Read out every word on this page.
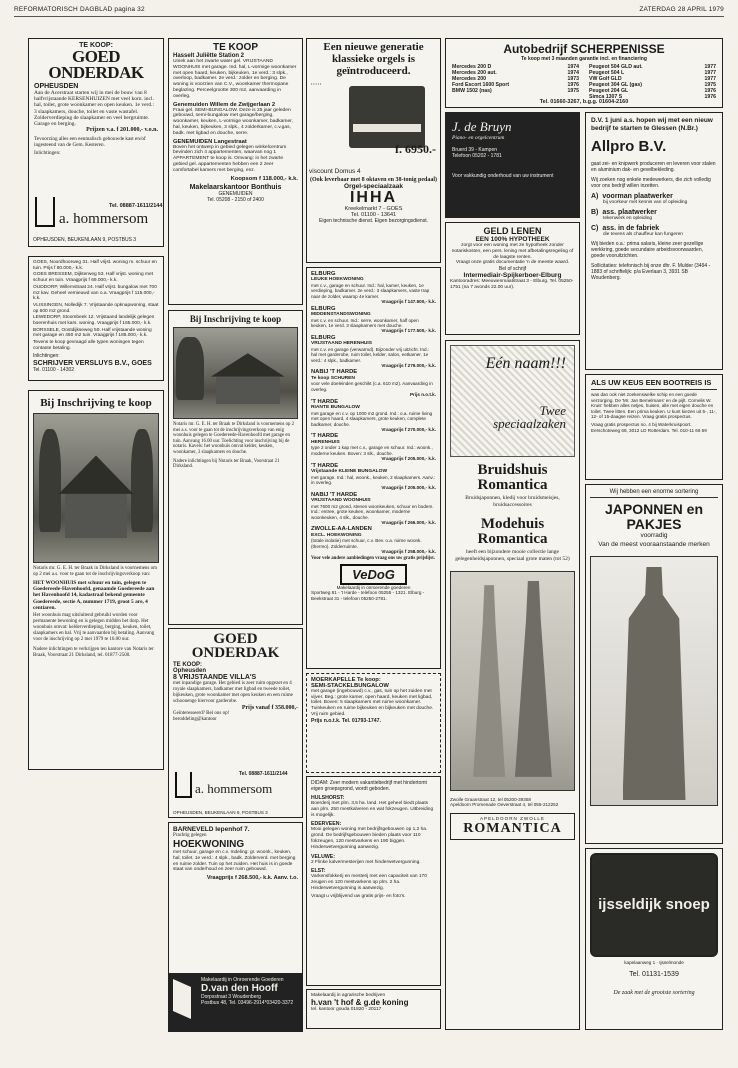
REFORMATORISCH DAGBLAD pagina 32	ZATERDAG 28 APRIL 1979
TE KOOP:
GOED ONDERDAK
OPHEUSDEN
Aan de Acerstraat starten wij in mei de bouw van 8 halfvrijstaande KERSENHUIZEN met veel korn. incl. hal, toilet, grote woonkamer en open keuken. 1e verd.: 3 slaapkamers, douche, toilet en vaste wastafel. Zolderverdieping de slaapkamer en veel bergruimte. Garage en berging.
Prijzen v.a. f 201.000,- v.o.n.
Tevoorzing alles een eenmalisch gebouwde kast en/of ingesteend van de Gem. Kesteren.
Inlichtingen:
Tel. 08887-1611/2144
a. hommersom
OPHEUSDEN, BEUKENLAAN 9, POSTBUS 3
GOES, Noordhoorweg 31. Half vrijst. woning m. schuur en tuin. Prijs f 80.000,- k.k.
GOES BRESSEM, Dijkterweg 53. Half vrijst. woning met schuur en tuin. Vraagprijs f 69.000,- k.k.
OUDDORP, Willemstraat 24. Half vrijst. bungalow met 700 m2 kav. Geheel vernieuwd van o.a. Vraagprijs f 115.000,- k.k.
VLISSINGEN, Nolledijk 7. Vrijstaande opknapwoning, staat op 600 m2 grond.
LEWEDORP, Stoombeek 12. Vrijstaand landelijk gelegen boerenhuis met kars. woning. Vraagprijs f 165.000,- k.k.
BORSSELE, Oostdijkseweg 50. Half vrijstaande woning met garage en 450 m2 tuin. Vraagprijs f 185.000,- k.k.
Tevens te koop gevraagd alle typen woningen tegen contante betaling.
Inlichtingen:
SCHRIJVER VERSLUYS B.V., GOES
Tel. 01100 - 14302
Bij Inschrijving te koop
Notaris mr. G. E. H. ter Braak in Dirksland is voornemens om op 2 mei a.s. voor te gaan tot de inschrijvingsverkoop van:
HET WOONHUIS met schuur en tuin, gelegen te Goedereede-Havenhoofd, genaamde Goedereede aan het Havenhoofd 14, kadastraal bekend gemeente Goedereede, sectie A, nummer 1719, groot 5 are, 4 centiaren.
Het woonhuis mag uitsluitend gebruikt worden voor permanente bewoning en is gelegen midden het dorp. Het woonhuis omvat: kelderverdieping, berging, keuken, toilet, slaapkamers en hal. Vrij te aanvaarden bij betaling. Aanvang voor de inschrijving op 2 mei 1979 te 16.00 uur.
Nadere inlichtingen te verkrijgen ten kantore van Notaris ter Braak, Voorstraat 21 Dirksland, tel. 01877-2500.
TE KOOP
Hasselt Juliëtte Station 2
Uniek aan het zwarte water gel. VRIJSTAAND WOONHUIS met garage. Ind. hal, L-vormige woonkamer met open haard, keuken, bijkeuken, 1e verd.: 3 slpk., overloop, badkamer. 2e verd.: zolder en berging. De woning is voorzien van C.V., woonkamer thermopane beglazing. Perceelgrootte 300 m2, aanvaarding in overleg.
Genemuiden Willem de Zwijgerlaan 2
Fraai gel. SEMI-BUNGALOW. Deze is 25 jaar geleden gebouwd, semi-bungalow met garage/berging, woonkamer, keuken, L-vormige woonkamer, badkamer, hal, keuken, bijkeuken, 3 slpk., 4 zolderkamer, c.v.gas, badk. met ligbad en douche, serre.
GENEMUIDEN Langestraat
Boven het ontwerp in gebied gelegen winkelcentrum bevinden zich 4 appartementen, waarvan nog 1 APPARTEMENT te koop is. Omvang: in het zwarte gebied gel. appartementen hebben een 2 zeer comfortabel kamers met berging, enz.
Koopsom f 118.000,- k.k.
Makelaarskantoor Bonthuis
GENEMUIDEN
Tel. 05208 - 2150 of 2400
Bij Inschrijving te koop
Notaris mr. G. E. H. ter Braak te Dirksland is voornemens op 2 mei a.s. voor te gaan tot de inschrijvingsverkoop van enig woonhuis gelegen te Goedereede-Havenhoofd met garage en tuin. Aanvang 16.00 uur. Toelichting voor inschrijving bij de notaris. Kavels: het woonhuis omvat kelder, keuken, woonkamer, 3 slaapkamers en douche.
Nadere inlichtingen bij Notaris ter Braak, Voorstraat 21 Dirksland.
GOED ONDERDAK
TE KOOP:
Opheusden
8 VRIJSTAANDE VILLA'S
met inpandige garage. Het gebied is zeer ruim opgezet en 4 royale slaapkamers, badkamer met ligbad en tweede toilet, bijkeuken, grote woonkamer met open keuken en een ruime schoonenge hiervoor garderobe.
Prijs vanaf f 358.000,-
Geïnteresseerd? Bel ons op!
beroddeling@kantoor
Tel. 08887-1611/2144
a. hommersom
OPHEUSDEN, BEUKENLAAN 9, POSTBUS 3
BARNEVELD Iepenhof 7.
Prachtig gelegen
HOEKWONING
met schuur, garage en c.v. Indeling: gr. woonk., keuken, hal, toilet. 1e verd.: 4 slpk., badk. Zolderverd. met berging en ruime zolder. Tuin op het zuiden. Het huis is in goede staat van onderhoud en zeer ruim gebouwd.
Vraagprijs f 268.500,- k.k. Aanv. t.o.
Makelaardij in Onroerende Goederen
D.van den Hooff
Dorpsstraat 3 Woudenberg
Postbus 48, Tel. 03496-2914*03420-3372
Een nieuwe generatie klassieke orgels is geïntroduceerd.
• • • • •
f. 6950.-
viscount Domus 4
(Ook leverbaar met 8 oktaven en 38-tonig pedaal)
Orgel-speciaalzaak
IHHA
Kreekelmarkt 7 - GOES
Tel. 01100 - 13641
Eigen technische dienst. Eigen bezorgingsdienst.
ELBURG
LEUKE HOEKWONING
met c.v., garage en schuur. Ind.: hal, kamer, keuken, 1e verdieping, badkamer. 2e verd.: 3 slaapkamers, vaste trap naar de zolder, waarop 4e kamer.
Vraagprijs f 147.500,- k.k.
ELBURG
MIDDENSTANDSWONING
met c.v. en schuur. Ind.: serre, woonkamer, half open keuken, 1e verd. 3 slaapkamers met douche.
Vraagprijs f 177.500,- k.k.
ELBURG
VRIJSTAAND HERENHUIS
met c.v. en garage (verwarmd). Bijzonder vrij uitzicht. Ind.: hal met garderobe, ruim toilet, kelder, salon, eetkamer, 1e verd.: 4 slpk., badkamer.
Vraagprijs f 279.000,- k.k.
NABIJ 'T HARDE
Te koop SCHUREN
voor vele doeleinden geschikt (c.a. 610 m2). Aanvaarding in overleg.
Prijs n.o.t.k.
'T HARDE
RIANTE BUNGALOW
met garage en c.v. op 1000 m2 grond. Ind.: o.a. ruime living met open haard, 4 slaapkamers, grote keuken, complete badkamer, douche.
Vraagprijs f 270.000,- k.k.
'T HARDE
HERENHUIS
type 2 onder 1 kap met c.v., garage en schuur. Ind.: woonk., moderne keuken. Boven: 3 slk., douche.
Vraagprijs f 205.000,- k.k.
'T HARDE
Vrijstaande KLEINE BUNGALOW
met garage. Ind.: hal, woonk., keuken, 2 slaapkamers. Aanv.: in overleg.
Vraagprijs f 205.000,- k.k.
NABIJ 'T HARDE
VRIJSTAAND WOONHUIS
met 7600 m2 grond, stenen woonkeuken, schuur en bodem. Ind.: entree, grote keuken, woonkamer, moderne woonkeuken, 4 slk., douche.
Vraagprijs f 266.000,- k.k.
ZWOLLE-AA-LANDEN
EXCL. HOEKWONING
(totale isolatie) met schuur, c.v. Bev. o.a. ruime woonk. (thermo). Zolderruimte.
Vraagprijs f 258.000,- k.k.
Voor vele andere aanbiedingen vraag ons uw gratis prijslijst.
VeDoG
Makelaardij in onroerende goederen
Sportweg 81 - 't Harde - telefoon 05255 - 1321. Elburg - Beekstraat 31 - telefoon 05250-2781.
MOERKAPELLE Te koop:
SEMI-STACKELBUNGALOW
met garage (ingebouwd) c.v., gas, tuin op het zuiden met vijver. Beg.: grote kamer, open haard, keuken met ligbad, toilet. Boven: 5 slaapkamers met ruime woonkamer. Tuinkeuken en ruime bijkeuken en bijkeuken met douche. Vrij ruim gebied.
Prijs n.o.t.k. Tel. 01793-1747.
DIDAM: Zeer modern vakantiebedrijf met hindertomt eigen groepsgrond, wordt geboden.
HULSHORST:
Boerderij met plm. 3,5 ha. land. Het geheel biedt plaats aan plm. 250 mestkalveren en wat fokzeugen. Uitbreiding is mogelijk.
EDERVEEN:
Mooi gelegen woning met bedrijfsgebouwen op 1,2 ha. grond. De bedrijfsgebouwen bieden plaats voor 110 fokzeugen, 120 mestvarkens en 190 biggen. Hinderwetvergunning aanwezig.
VELUWE:
2 Flinke kalvermesterijen met hinderwetvergunning.
ELST:
Varkensfokkerij en mesterij met een capaciteit van 170 zeugen en 120 mestvarkens op plm. 2 ha. Hinderwetvergunning is aanwezig.
Vraagt u vrijblijvend uw gratis prijs- en foto's.
Makelaardij in agrarische bedrijven
h.van 't hof & g.de koning
tel. kantoor gouda 01820 - 20117
Autobedrijf SCHERPENISSE
Te koop met 3 maanden garantie incl. en financiering
Mercedes 200 D	1974
Mercedes 200 aut.	1974
Mercedes 200	1973
Ford Escort 1600 Sport	1976
BMW 1502 (nas)	1975
Peugeot 504 GLD aut.	1977
Peugeot 504 L	1977
VW Golf GLD	1977
Peugeot 304 GL (gas)	1975
Peugeot 204 GL	1976
Simca 1307 S	1976
Tel. 01660-3267, b.g.g. 01604-2160
J. de Bruyn
Piano- en orgelcentrum
Bruerd 39 - Kampen
Telefoon 05202 - 1781
Voor vakkundig onderhoud van uw instrument
GELD LENEN
EEN 100% HYPOTHEEK
zorgt voor een woning met 2e hypotheek zonder notariskosten, een pers. lening met afbetalingsregeling of de laagste renten.
Vraagt onze gratis documentatie 'n de meeste waard.
Bel of schrijf
Intermediair-Spijkerboer-Elburg
Kantooradres: Meeuwenmaatstraat 3 - Elburg. Tel. 05250-1751 (na 7 avonds 22.00 uur).
Eén naam!!!
Twee speciaalzaken
Bruidshuis Romantica
Bruidsjaponnen, kledij voor bruidsmeisjes, bruidsaccessoires
Modehuis Romantica
heeft een bijzondere mooie collectie lange gelegenheidsjaponnen, speciaal grote maten (tot 52)
Zwolle Graanstraat 12, tel 05200-39358
Apeldoorn Promenade Oeverstraat 4, tel 055-212252
APELDOORN ZWOLLE
ROMANTICA
D.V. 1 juni a.s. hopen wij met een nieuw bedrijf te starten te Glessen (N.Br.)
Allpro B.V.
gaat zei- en knipwerk produceren en leveren voor stalen en aluminium dak- en gevelbekleding.
Wij zoeken nog enkele medewerkers, die zich volledig voor ons bedrijf willen inzetten.
A) voorman plaatwerker
bij voorkeur met kennis van of opleiding
B) ass. plaatwerker
tekenwerk en opleiding
C) ass. in de fabriek
die tevens als chauffeur kan fungeren
Wij bieden o.a.: prima salaris, kleine zeer gezellige werkkring, goede secundaire arbeidsvoorwaarden, goede vooruitzichten.
Sollicitaties: telefonisch bij onze dhr. F. Mulder (3494 - 1883 of schriftelijk: p/a Everlaan 3, 3931 SB Woudenberg.
ALS UW KEUS EEN BOOTREIS IS
was dan ook niet zoekenswelke schip en een goede verzorging. De 'Mr. Jan Bemelmans' en de pijlt. Cornelis W. Kruis' hebben alles netjes, huisen, alle met eigen douche en toilet. Twee litten. Een prima keuken. U kunt kiezen uit 5-, 11-, 12- of 15-daagse reizen. Vraag gratis prospectus.
Vraag gratis prospectus no. 4 bij Waterkruispoort. Eerschoteweg 68, 3012 LD Rotterdam. Tel. 010-11 66 69
Wij hebben een enorme sortering
JAPONNEN en PAKJES
voorradig
Van de meest vooraanstaande merken
ijsseldijk snoep
kapelaanweg 1 · Ijsselmonde
Tel. 01131-1539
De zaak met de grootste sortering
